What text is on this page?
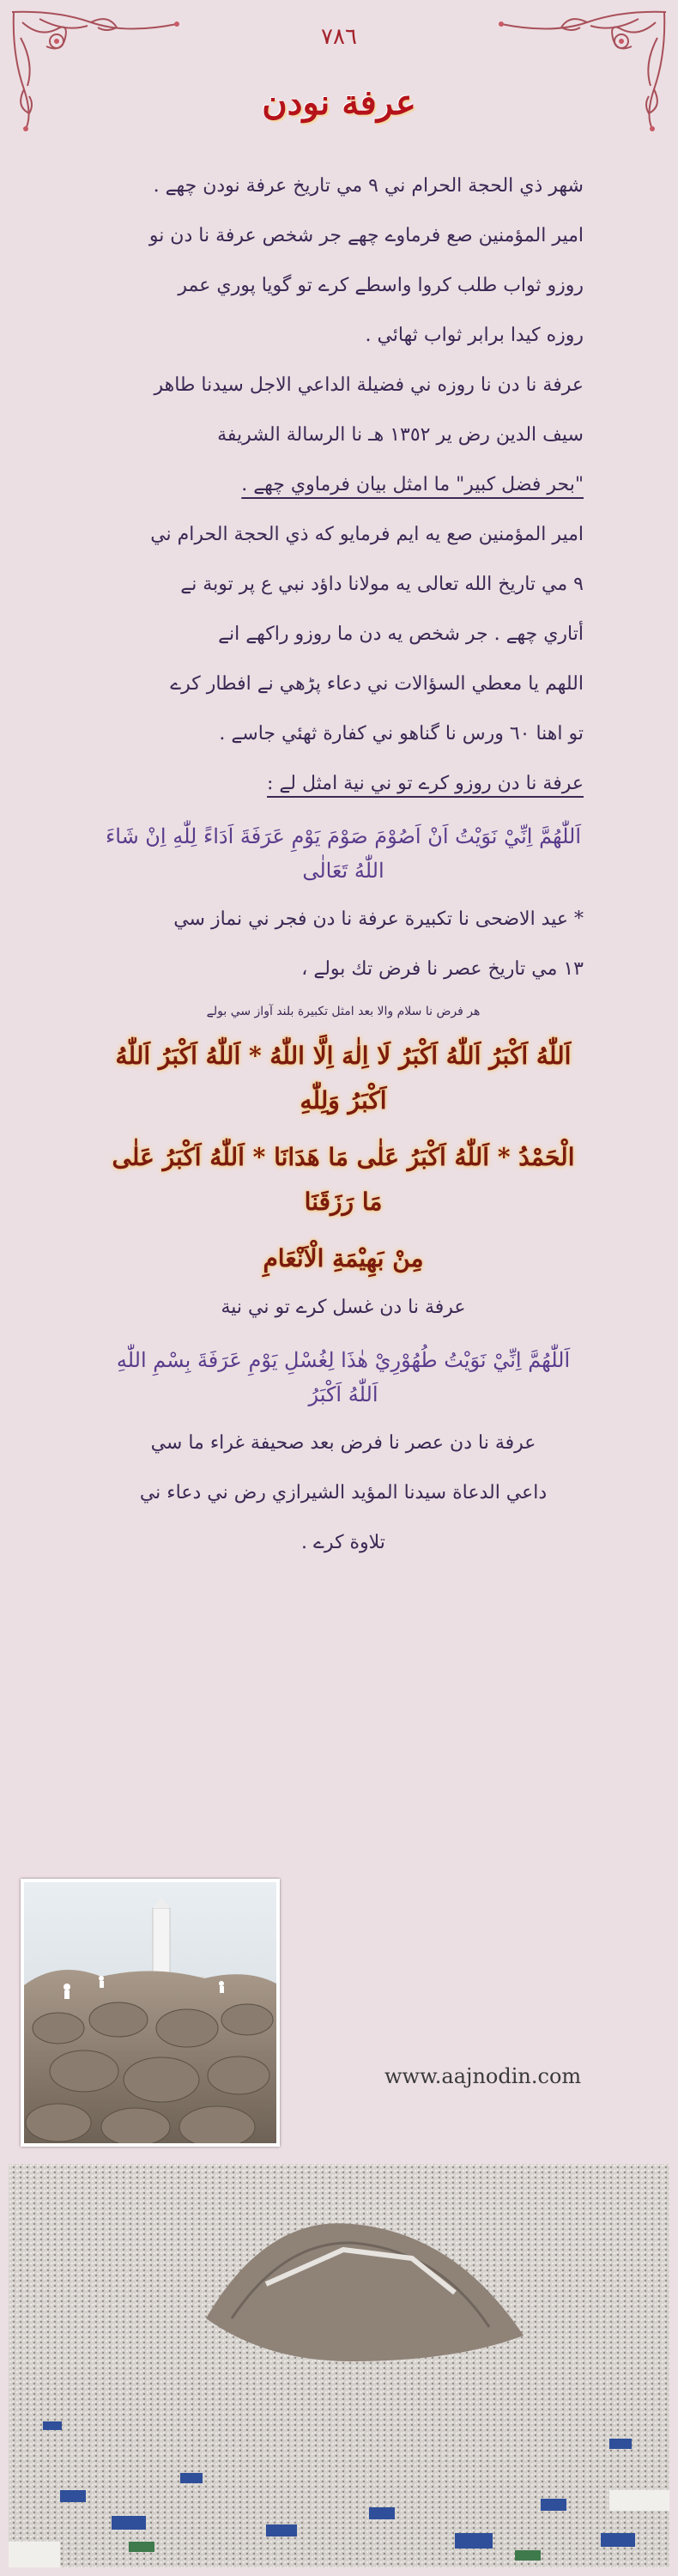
٧٨٦
عرفة نودن

شهر ذي الحجة الحرام ني ٩ مي تاريخ عرفة نودن چهے .

امير المؤمنين صع فرماوے چهے جر شخص عرفة نا دن نو

روزو ثواب طلب كروا واسطے كرے تو گويا پوري عمر

روزه كيدا برابر ثواب ثهائي .

عرفة نا دن نا روزه ني فضيلة الداعي الاجل سيدنا طاهر

سيف الدين رض ير ١٣٥٢ هـ نا الرسالة الشريفة

"بحر فضل كبير" ما امثل بيان فرماوي چهے .

امير المؤمنين صع يه ايم فرمايو كه ذي الحجة الحرام ني

٩ مي تاريخ الله تعالى يه مولانا داؤد نبي ع پر توبة نے

أتاري چهے . جر شخص يه دن ما روزو راكهے انے

اللهم يا معطي السؤالات ني دعاء پڑهي نے افطار كرے

تو اهنا ٦٠ ورس نا گناهو ني كفارة ثهئي جاسے .

عرفة نا دن روزو كرے تو ني نية امثل لے :

اَللّٰهُمَّ اِنِّيْ نَوَيْتُ اَنْ اَصُوْمَ صَوْمَ يَوْمِ عَرَفَةَ اَدَاءً لِلّٰهِ اِنْ شَاءَ اللّٰهُ تَعَالٰى

* عيد الاضحى نا تكبيرة عرفة نا دن فجر ني نماز سي

١٣ مي تاريخ عصر نا فرض تك بولے ،

هر فرض نا سلام والا بعد امثل تكبيرة بلند آواز سي بولے

اَللّٰهُ اَكْبَرُ اَللّٰهُ اَكْبَرُ لَا اِلٰهَ اِلَّا اللّٰهُ * اَللّٰهُ اَكْبَرُ اَللّٰهُ اَكْبَرُ وَلِلّٰهِ

الْحَمْدُ * اَللّٰهُ اَكْبَرُ عَلٰى مَا هَدَانَا * اَللّٰهُ اَكْبَرُ عَلٰى مَا رَزَقَنَا

مِنْ بَهِيْمَةِ الْاَنْعَامِ

عرفة نا دن غسل كرے تو ني نية

اَللّٰهُمَّ اِنِّيْ نَوَيْتُ طُهُوْرِيْ هٰذَا لِغُسْلِ يَوْمِ عَرَفَةَ بِسْمِ اللّٰهِ اَللّٰهُ اَكْبَرُ

عرفة نا دن عصر نا فرض بعد صحيفة غراء ما سي

داعي الدعاة سيدنا المؤيد الشيرازي رض ني دعاء ني

تلاوة كرے .

www.aajnodin.com
